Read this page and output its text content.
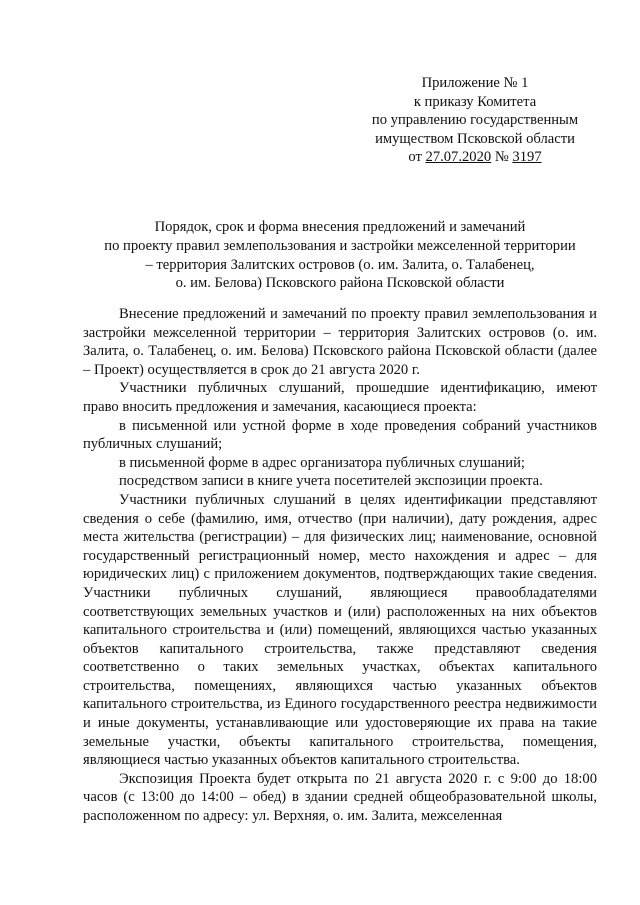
Приложение № 1
к приказу Комитета
по управлению государственным
имуществом Псковской области
от 27.07.2020 № 3197
Порядок, срок и форма внесения предложений и замечаний
по проекту правил землепользования и застройки межселенной территории
– территория Залитских островов (о. им. Залита, о. Талабенец,
о. им. Белова) Псковского района Псковской области

Внесение предложений и замечаний по проекту правил землепользования и застройки межселенной территории – территория Залитских островов (о. им. Залита, о. Талабенец, о. им. Белова) Псковского района Псковской области (далее – Проект) осуществляется в срок до 21 августа 2020 г.

Участники публичных слушаний, прошедшие идентификацию, имеют право вносить предложения и замечания, касающиеся проекта:

в письменной или устной форме в ходе проведения собраний участников публичных слушаний;

в письменной форме в адрес организатора публичных слушаний;

посредством записи в книге учета посетителей экспозиции проекта.

Участники публичных слушаний в целях идентификации представляют сведения о себе (фамилию, имя, отчество (при наличии), дату рождения, адрес места жительства (регистрации) – для физических лиц; наименование, основной государственный регистрационный номер, место нахождения и адрес – для юридических лиц) с приложением документов, подтверждающих такие сведения. Участники публичных слушаний, являющиеся правообладателями соответствующих земельных участков и (или) расположенных на них объектов капитального строительства и (или) помещений, являющихся частью указанных объектов капитального строительства, также представляют сведения соответственно о таких земельных участках, объектах капитального строительства, помещениях, являющихся частью указанных объектов капитального строительства, из Единого государственного реестра недвижимости и иные документы, устанавливающие или удостоверяющие их права на такие земельные участки, объекты капитального строительства, помещения, являющиеся частью указанных объектов капитального строительства.

Экспозиция Проекта будет открыта по 21 августа 2020 г. с 9:00 до 18:00 часов (с 13:00 до 14:00 – обед) в здании средней общеобразовательной школы, расположенном по адресу: ул. Верхняя, о. им. Залита, межселенная
